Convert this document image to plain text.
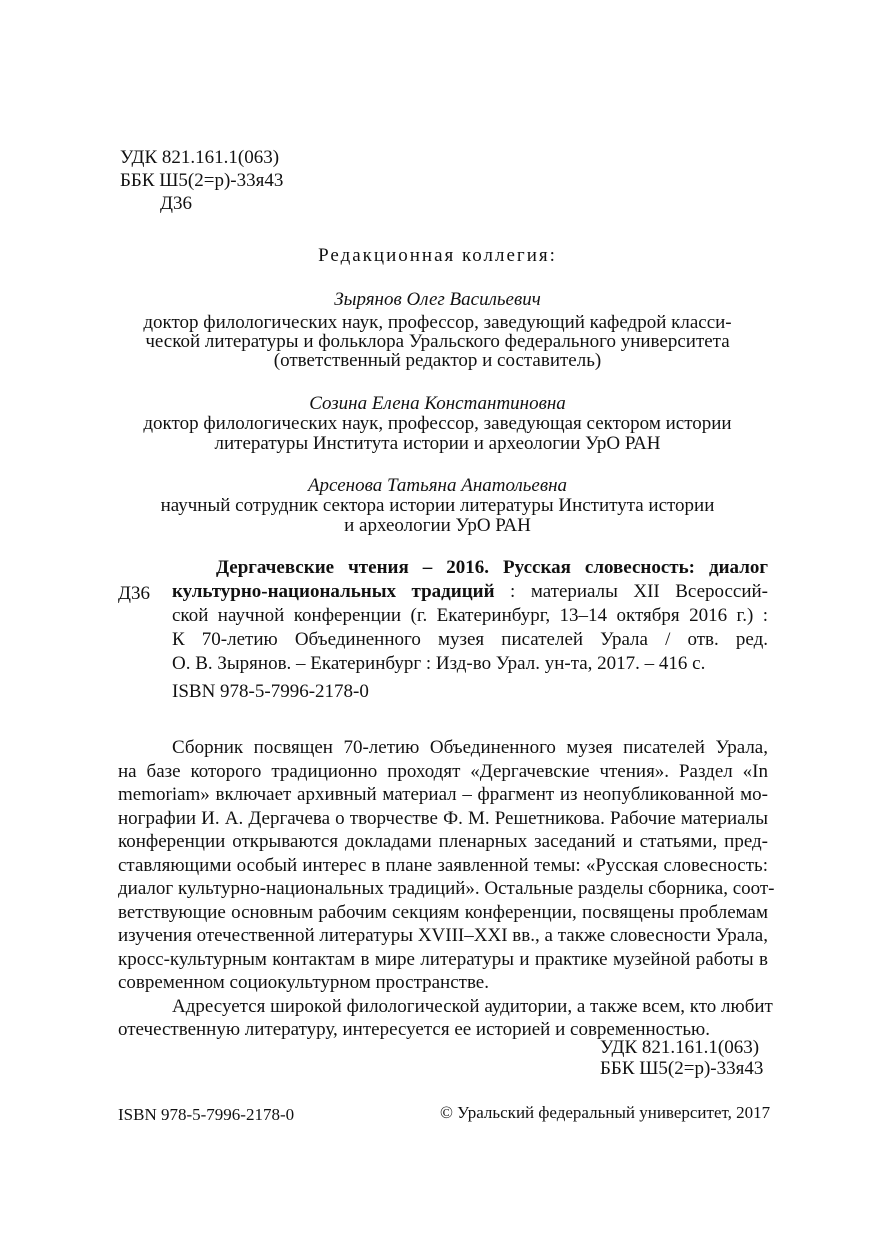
УДК 821.161.1(063)
ББК Ш5(2=р)-33я43
Д36
Редакционная коллегия:
Зырянов Олег Васильевич
доктор филологических наук, профессор, заведующий кафедрой класси-
ческой литературы и фольклора Уральского федерального университета
(ответственный редактор и составитель)
Созина Елена Константиновна
доктор филологических наук, профессор, заведующая сектором истории
литературы Института истории и археологии УрО РАН
Арсенова Татьяна Анатольевна
научный сотрудник сектора истории литературы Института истории
и археологии УрО РАН
Д36
Дергачевские чтения – 2016. Русская словесность: диалог
культурно-национальных традиций : материалы XII Всероссий-
ской научной конференции (г. Екатеринбург, 13–14 октября 2016 г.) :
К 70-летию Объединенного музея писателей Урала / отв. ред.
О. В. Зырянов. – Екатеринбург : Изд-во Урал. ун-та, 2017. – 416 с.
ISBN 978-5-7996-2178-0
Сборник посвящен 70-летию Объединенного музея писателей Урала,
на базе которого традиционно проходят «Дергачевские чтения». Раздел «In
memoriam» включает архивный материал – фрагмент из неопубликованной мо-
нографии И. А. Дергачева о творчестве Ф. М. Решетникова. Рабочие материалы
конференции открываются докладами пленарных заседаний и статьями, пред-
ставляющими особый интерес в плане заявленной темы: «Русская словесность:
диалог культурно-национальных традиций». Остальные разделы сборника, соот-
ветствующие основным рабочим секциям конференции, посвящены проблемам
изучения отечественной литературы XVIII–XXI вв., а также словесности Урала,
кросс-культурным контактам в мире литературы и практике музейной работы в
современном социокультурном пространстве.
Адресуется широкой филологической аудитории, а также всем, кто любит
отечественную литературу, интересуется ее историей и современностью.
УДК 821.161.1(063)
ББК Ш5(2=р)-33я43
ISBN 978-5-7996-2178-0	© Уральский федеральный университет, 2017
